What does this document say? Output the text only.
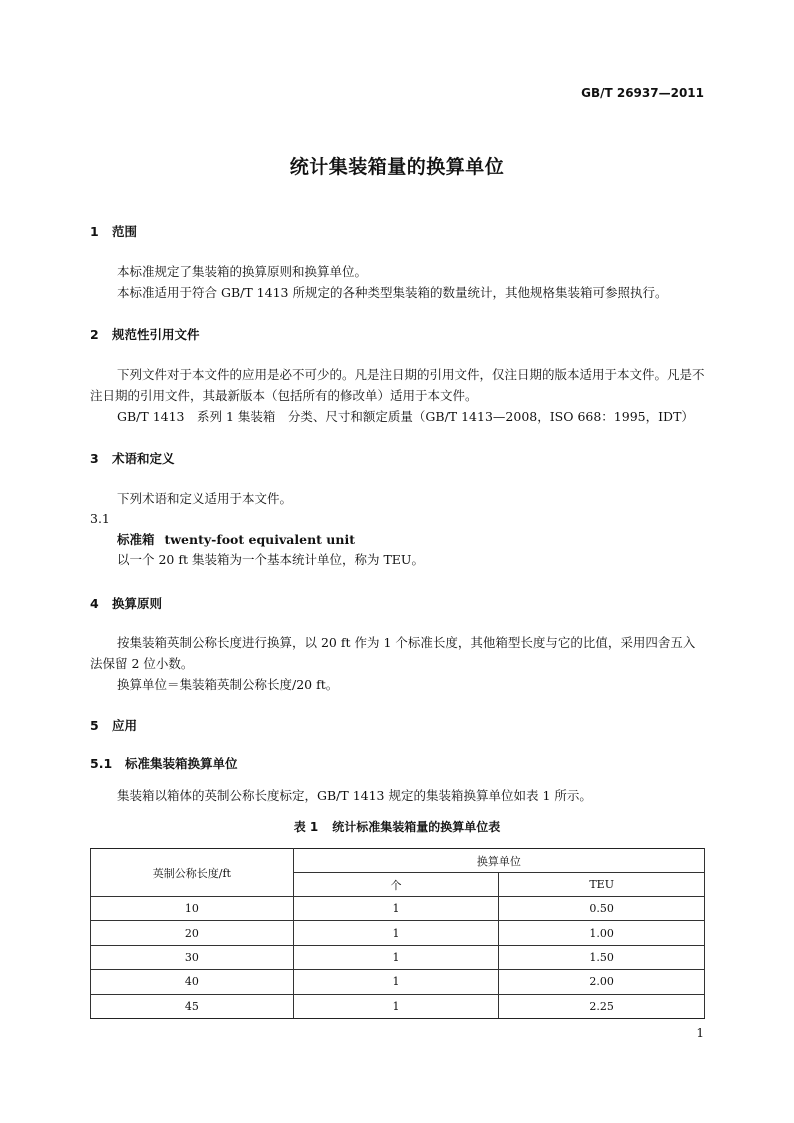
GB/T 26937—2011
统计集装箱量的换算单位
1 范围
本标准规定了集装箱的换算原则和换算单位。
本标准适用于符合 GB/T 1413 所规定的各种类型集装箱的数量统计，其他规格集装箱可参照执行。
2 规范性引用文件
下列文件对于本文件的应用是必不可少的。凡是注日期的引用文件，仅注日期的版本适用于本文件。凡是不注日期的引用文件，其最新版本（包括所有的修改单）适用于本文件。
GB/T 1413　系列 1 集装箱　分类、尺寸和额定质量（GB/T 1413—2008，ISO 668：1995，IDT）
3 术语和定义
下列术语和定义适用于本文件。
3.1
标准箱 twenty-foot equivalent unit
以一个 20 ft 集装箱为一个基本统计单位，称为 TEU。
4 换算原则
按集装箱英制公称长度进行换算，以 20 ft 作为 1 个标准长度，其他箱型长度与它的比值，采用四舍五入法保留 2 位小数。
换算单位＝集装箱英制公称长度/20 ft。
5 应用
5.1 标准集装箱换算单位
集装箱以箱体的英制公称长度标定，GB/T 1413 规定的集装箱换算单位如表 1 所示。
表 1 统计标准集装箱量的换算单位表
英制公称长度/ft	换算单位	
	个	TEU
10	1	0.50
20	1	1.00
30	1	1.50
40	1	2.00
45	1	2.25
1
